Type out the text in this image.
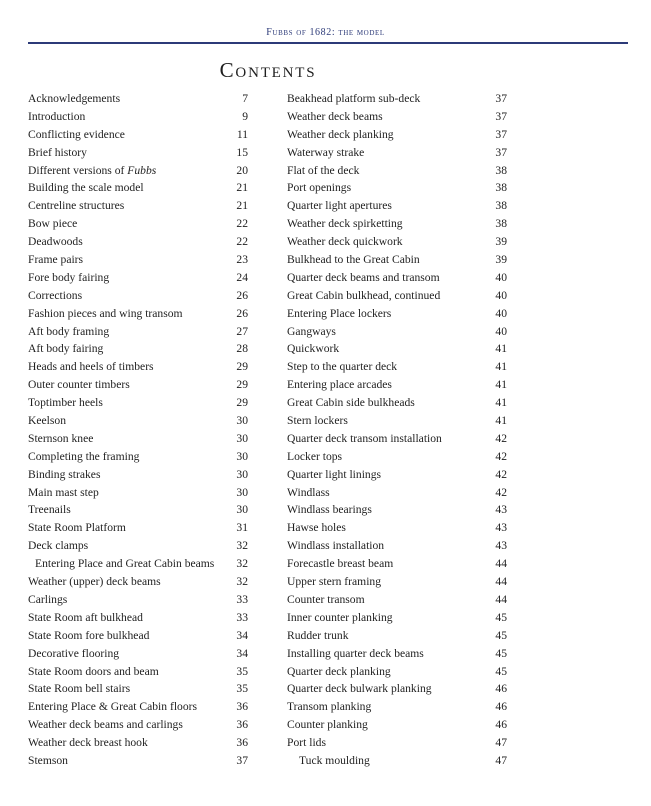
Fubbs of 1682: the model
Contents
Acknowledgements	7
Introduction	9
Conflicting evidence	11
Brief history	15
Different versions of Fubbs	20
Building the scale model	21
Centreline structures	21
Bow piece	22
Deadwoods	22
Frame pairs	23
Fore body fairing	24
Corrections	26
Fashion pieces and wing transom	26
Aft body framing	27
Aft body fairing	28
Heads and heels of timbers	29
Outer counter timbers	29
Toptimber heels	29
Keelson	30
Sternson knee	30
Completing the framing	30
Binding strakes	30
Main mast step	30
Treenails	30
State Room Platform	31
Deck clamps	32
Entering Place and Great Cabin beams 32
Weather (upper) deck beams	32
Carlings	33
State Room aft bulkhead	33
State Room fore bulkhead	34
Decorative flooring	34
State Room doors and beam	35
State Room bell stairs	35
Entering Place & Great Cabin floors	36
Weather deck beams and carlings	36
Weather deck breast hook	36
Stemson	37
Beakhead platform sub-deck	37
Weather deck beams	37
Weather deck planking	37
Waterway strake	37
Flat of the deck	38
Port openings	38
Quarter light apertures	38
Weather deck spirketting	38
Weather deck quickwork	39
Bulkhead to the Great Cabin	39
Quarter deck beams and transom	40
Great Cabin bulkhead, continued	40
Entering Place lockers	40
Gangways	40
Quickwork	41
Step to the quarter deck	41
Entering place arcades	41
Great Cabin side bulkheads	41
Stern lockers	41
Quarter deck transom installation	42
Locker tops	42
Quarter light linings	42
Windlass	42
Windlass bearings	43
Hawse holes	43
Windlass installation	43
Forecastle breast beam	44
Upper stern framing	44
Counter transom	44
Inner counter planking	45
Rudder trunk	45
Installing quarter deck beams	45
Quarter deck planking	45
Quarter deck bulwark planking	46
Transom planking	46
Counter planking	46
Port lids	47
Tuck moulding	47
